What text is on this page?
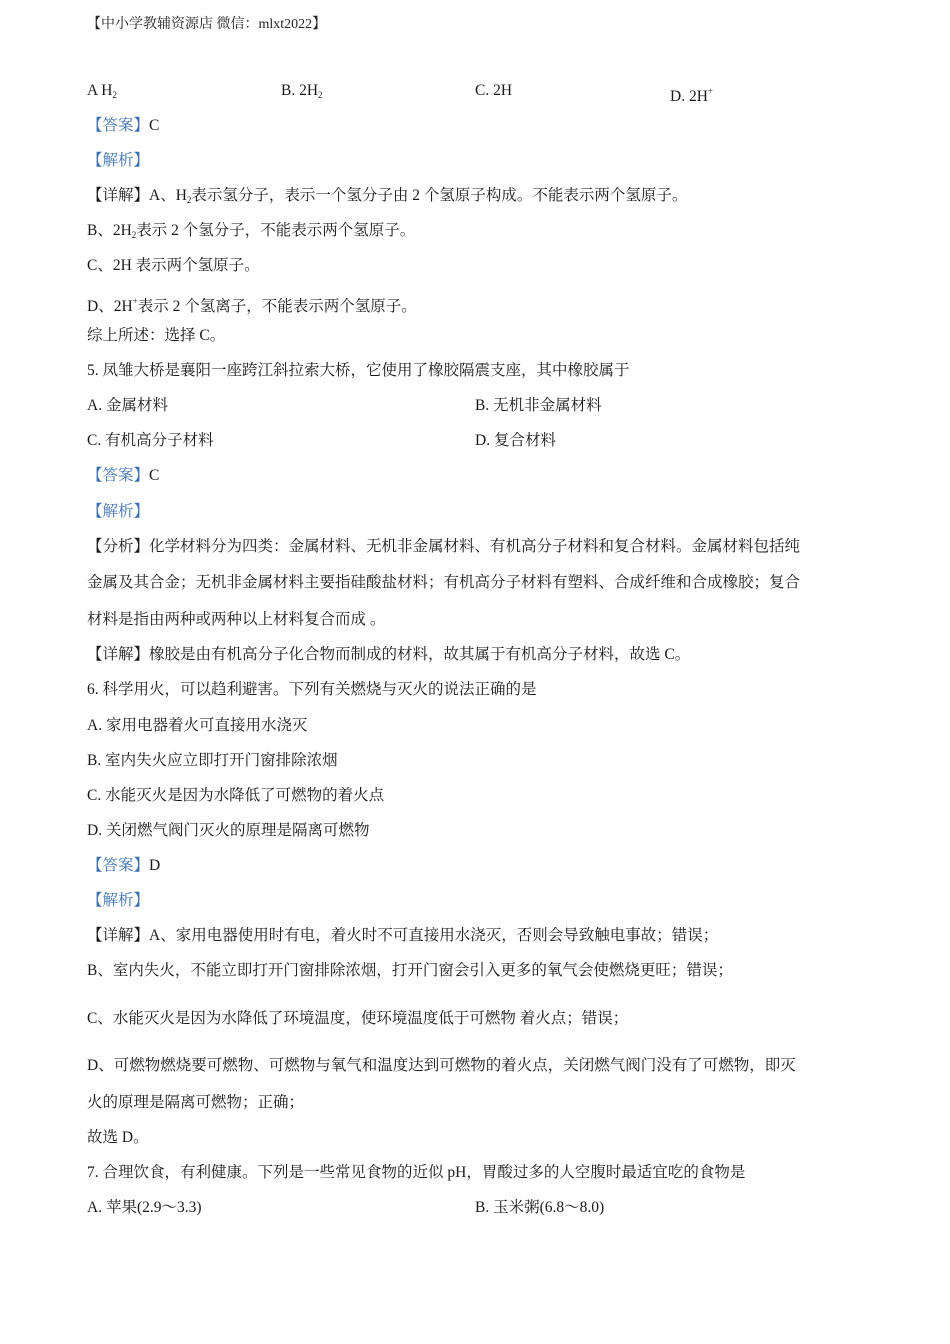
【中小学教辅资源店 微信：mlxt2022】
A $H_2$	B. $2H_2$	C. 2H	D. 2H+
【答案】C
【解析】
【详解】A、$H_2$表示氢分子，表示一个氢分子由 2 个氢原子构成。不能表示两个氢原子。
B、$2H_2$表示 2 个氢分子，不能表示两个氢原子。
C、2H 表示两个氢原子。
D、2H+表示 2 个氢离子，不能表示两个氢原子。
综上所述：选择 C。
5. 凤雏大桥是襄阳一座跨江斜拉索大桥，它使用了橡胶隔震支座，其中橡胶属于
A. 金属材料	B. 无机非金属材料
C. 有机高分子材料	D. 复合材料
【答案】C
【解析】
【分析】化学材料分为四类：金属材料、无机非金属材料、有机高分子材料和复合材料。金属材料包括纯
金属及其合金；无机非金属材料主要指硅酸盐材料；有机高分子材料有塑料、合成纤维和合成橡胶；复合
材料是指由两种或两种以上材料复合而成 。
【详解】橡胶是由有机高分子化合物而制成的材料，故其属于有机高分子材料，故选 C。
6. 科学用火，可以趋利避害。下列有关燃烧与灭火的说法正确的是
A. 家用电器着火可直接用水浇灭
B. 室内失火应立即打开门窗排除浓烟
C. 水能灭火是因为水降低了可燃物的着火点
D. 关闭燃气阀门灭火的原理是隔离可燃物
【答案】D
【解析】
【详解】A、家用电器使用时有电，着火时不可直接用水浇灭，否则会导致触电事故；错误；
B、室内失火，不能立即打开门窗排除浓烟，打开门窗会引入更多的氧气会使燃烧更旺；错误；
C、水能灭火是因为水降低了环境温度，使环境温度低于可燃物 着火点；错误；
D、可燃物燃烧要可燃物、可燃物与氧气和温度达到可燃物的着火点，关闭燃气阀门没有了可燃物，即灭
火的原理是隔离可燃物；正确；
故选 D。
7. 合理饮食，有利健康。下列是一些常见食物的近似 pH，胃酸过多的人空腹时最适宜吃的食物是
A. 苹果(2.9～3.3)	B. 玉米粥(6.8～8.0)
